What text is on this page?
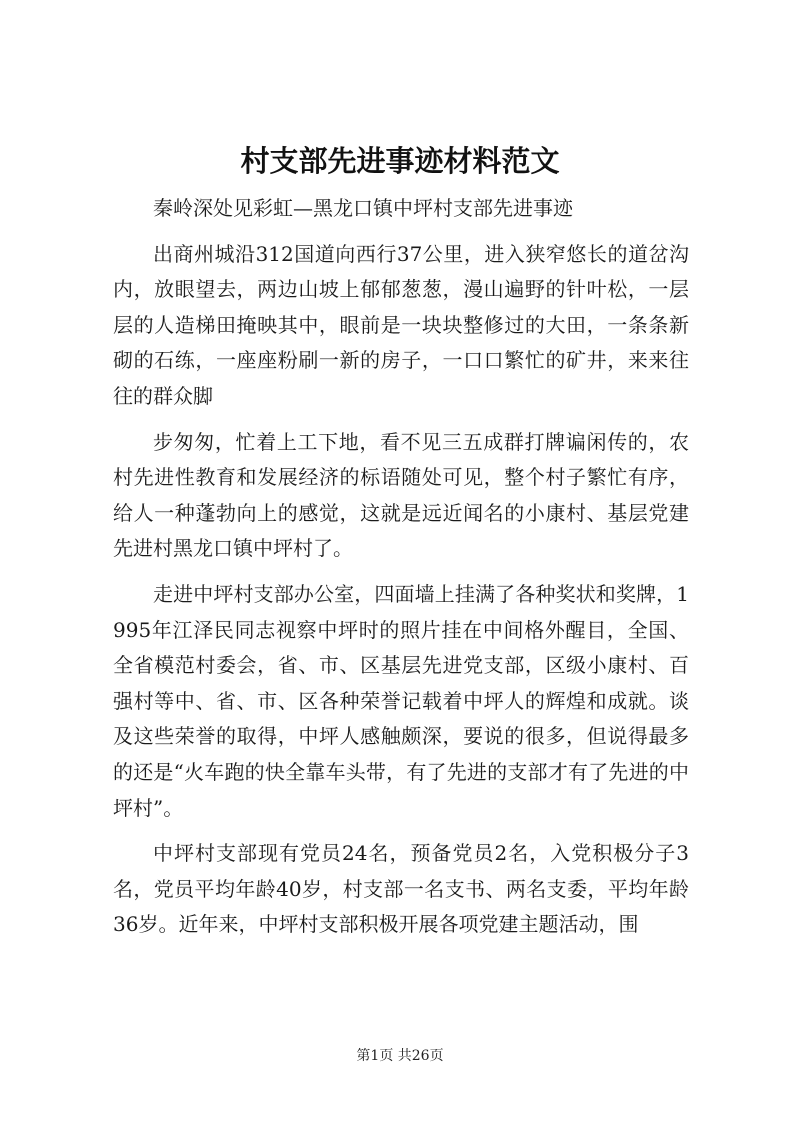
村支部先进事迹材料范文

秦岭深处见彩虹—黑龙口镇中坪村支部先进事迹

出商州城沿312国道向西行37公里，进入狭窄悠长的道岔沟内，放眼望去，两边山坡上郁郁葱葱，漫山遍野的针叶松，一层层的人造梯田掩映其中，眼前是一块块整修过的大田，一条条新砌的石练，一座座粉刷一新的房子，一口口繁忙的矿井，来来往往的群众脚

步匆匆，忙着上工下地，看不见三五成群打牌谝闲传的，农村先进性教育和发展经济的标语随处可见，整个村子繁忙有序，给人一种蓬勃向上的感觉，这就是远近闻名的小康村、基层党建先进村黑龙口镇中坪村了。

走进中坪村支部办公室，四面墙上挂满了各种奖状和奖牌，1995年江泽民同志视察中坪时的照片挂在中间格外醒目，全国、全省模范村委会，省、市、区基层先进党支部，区级小康村、百强村等中、省、市、区各种荣誉记载着中坪人的辉煌和成就。谈及这些荣誉的取得，中坪人感触颇深，要说的很多，但说得最多的还是“火车跑的快全靠车头带，有了先进的支部才有了先进的中坪村”。

中坪村支部现有党员24名，预备党员2名，入党积极分子3名，党员平均年龄40岁，村支部一名支书、两名支委，平均年龄36岁。近年来，中坪村支部积极开展各项党建主题活动，围

第1页 共26页
